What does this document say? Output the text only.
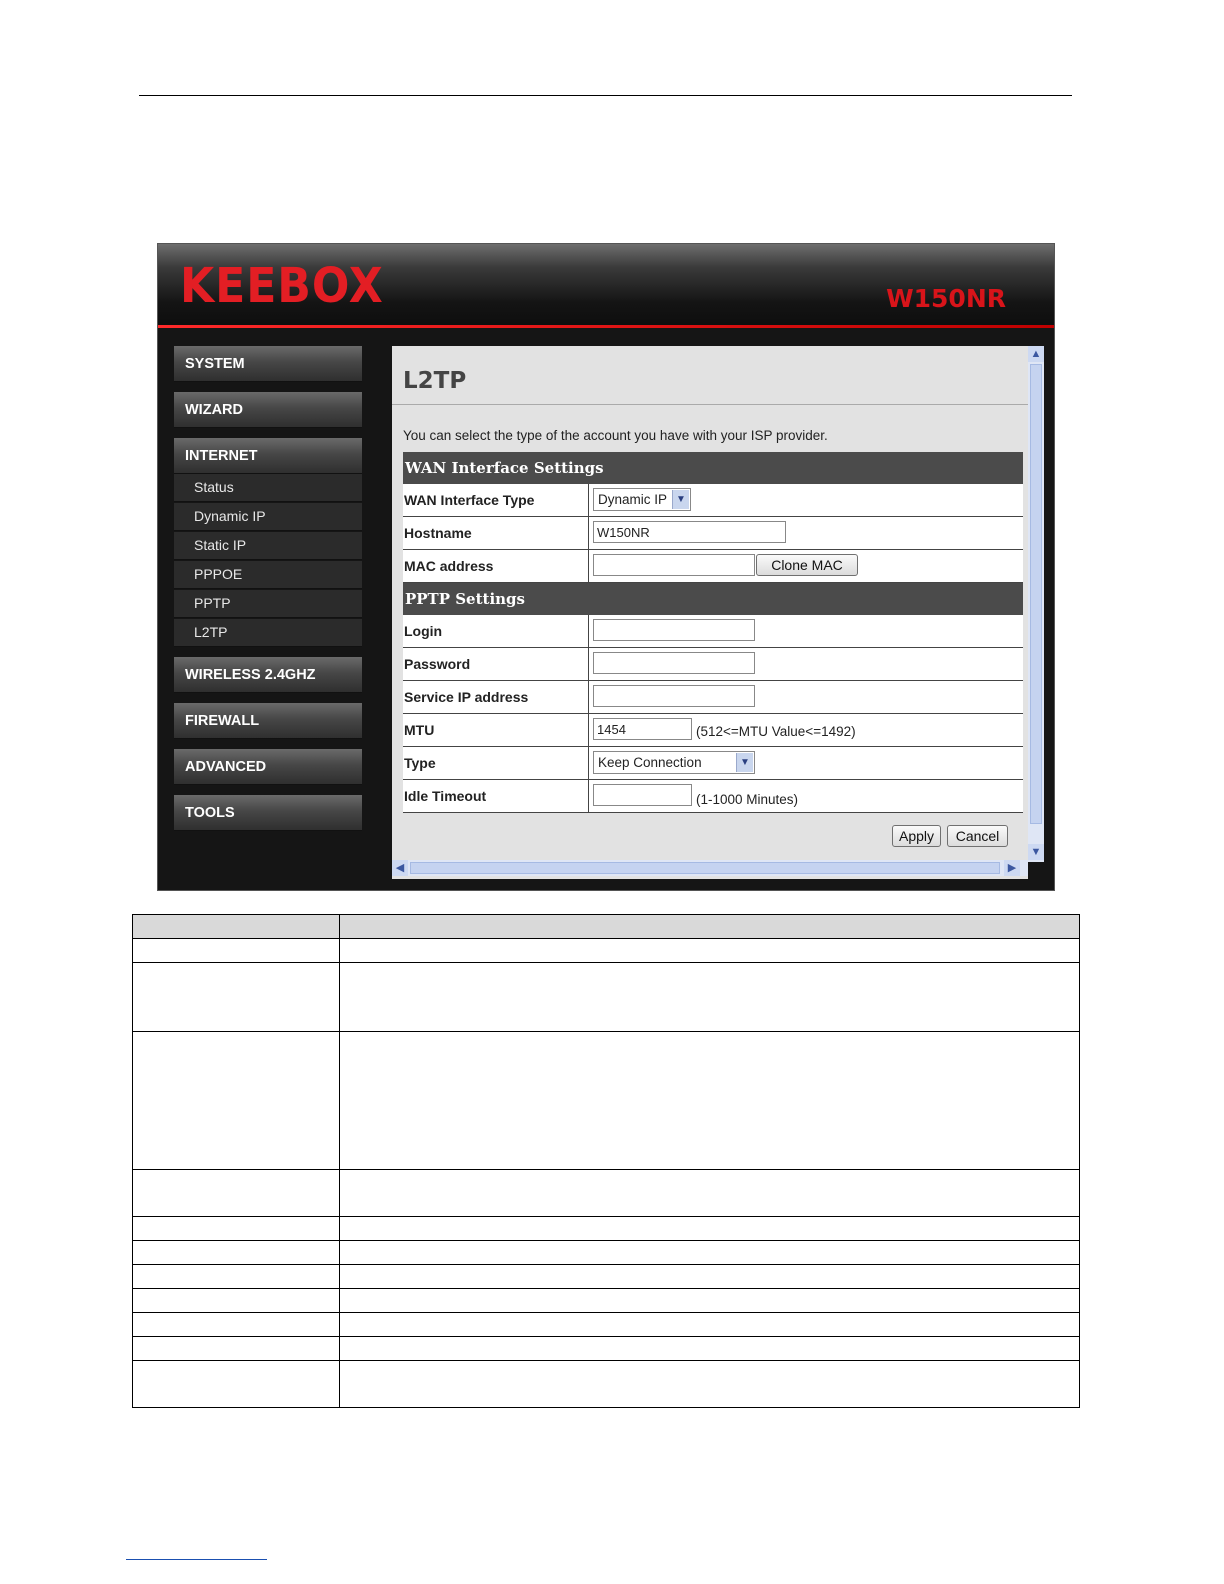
KEEBOX	W150NR
SYSTEM
WIZARD
INTERNET
Status
Dynamic IP
Static IP
PPPOE
PPTP
L2TP
WIRELESS 2.4GHZ
FIREWALL
ADVANCED
TOOLS
L2TP
You can select the type of the account you have with your ISP provider.
WAN Interface Settings
WAN Interface Type	Dynamic IP ▼
Hostname	W150NR
MAC address	Clone MAC
PPTP Settings
Login
Password
Service IP address
MTU	1454	(512<=MTU Value<=1492)
Type	Keep Connection	▼
Idle Timeout	(1-1000 Minutes)
Apply	Cancel
▲
▼
◀	▶
